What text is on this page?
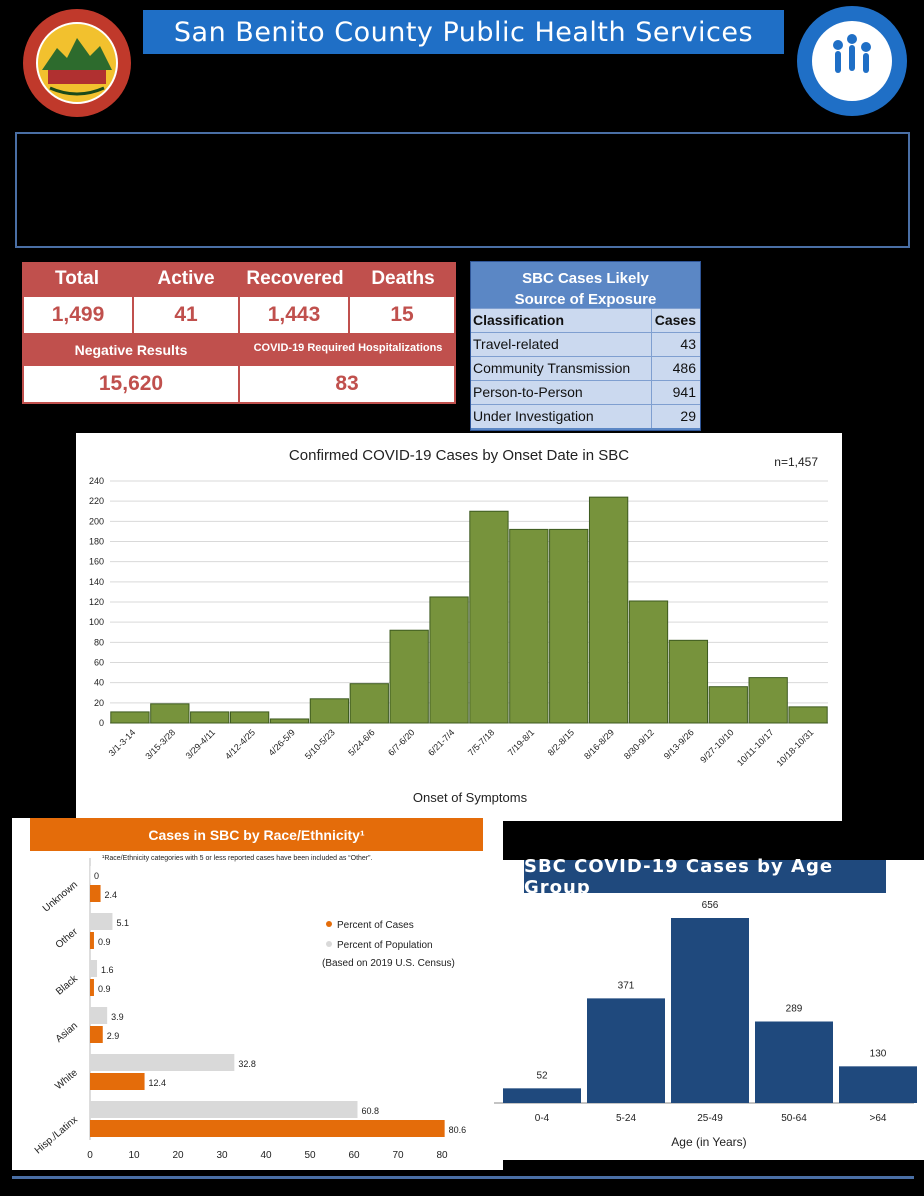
San Benito County Public Health Services
Total	Active	Recovered	Deaths
1,499	41	1,443	15
Negative Results	COVID-19 Required Hospitalizations
15,620	83
SBC Cases Likely
Source of Exposure
Classification	Cases
Travel-related	43
Community Transmission	486
Person-to-Person	941
Under Investigation	29
Confirmed COVID-19 Cases by Onset Date in SBC	n=1,457
Onset of Symptoms
0
20
40
60
80
100
120
140
160
180
200
220
240
3/1-3-14 3/15-3/28 3/29-4/11 4/12-4/25 4/26-5/9 5/10-5/23 5/24-6/6 6/7-6/20 6/21-7/4 7/5-7/18 7/19-8/1 8/2-8/15 8/16-8/29 8/30-9/12 9/13-9/26 9/27-10/10 10/11-10/17
10/18-10/31
¹Race/Ethnicity categories with 5 or less reported cases have been included as “Other”.
Percent of Cases
Percent of Population
(Based on 2019 U.S. Census)
0	10	20	30	40	50	60	70	80
0
2.4
Unknown
5.1
0.9
Other
1.6
0.9
Black
3.9
2.9
Asian
32.8
12.4
White
60.8
80.6
Hisp./Latinx
Cases in SBC by Race/Ethnicity¹
Age (in Years)
52
0-4
371
5-24
656
25-49
289
50-64
130
>64
SBC COVID-19 Cases by Age Group
